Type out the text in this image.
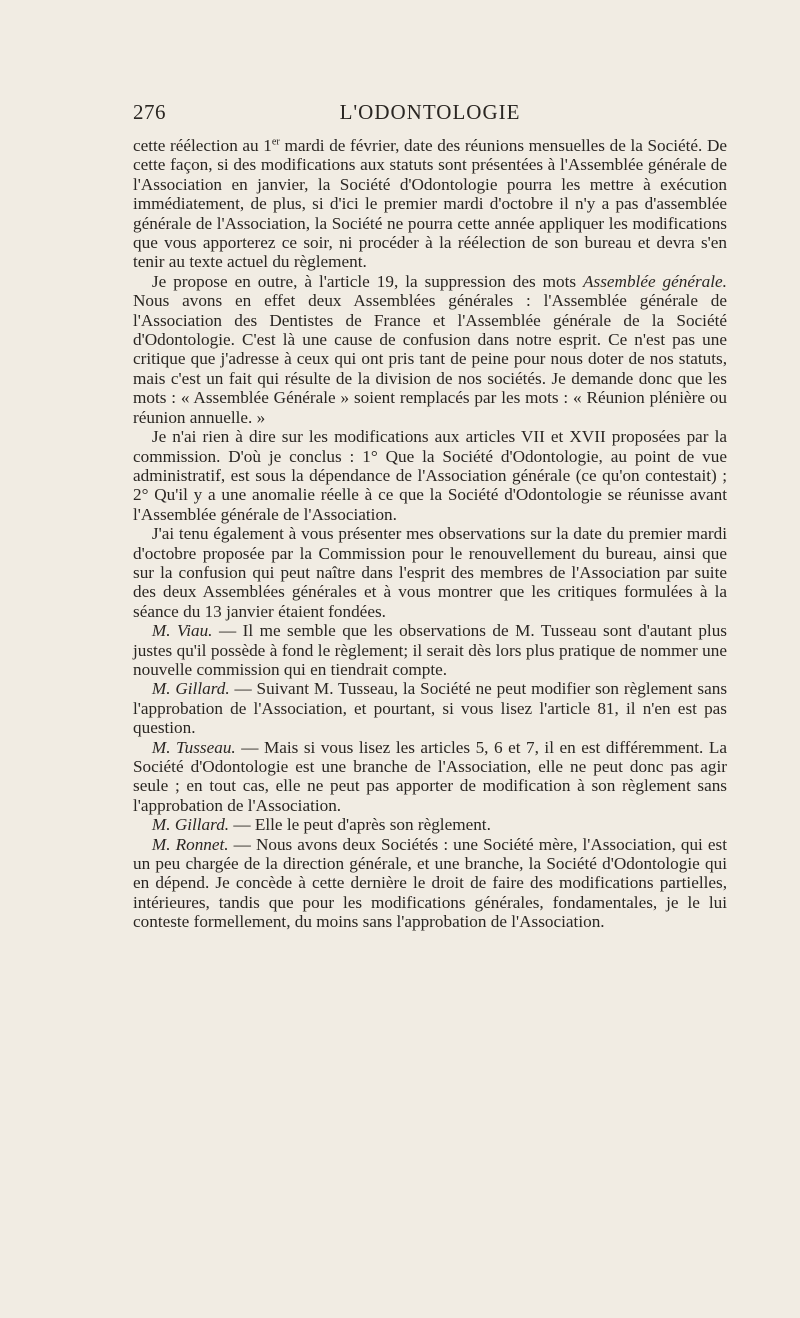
276	L'ODONTOLOGIE

cette réélection au 1er mardi de février, date des réunions mensuelles de la Société. De cette façon, si des modifications aux statuts sont présentées à l'Assemblée générale de l'Association en janvier, la Société d'Odontologie pourra les mettre à exécution immédiatement, de plus, si d'ici le premier mardi d'octobre il n'y a pas d'assemblée générale de l'Association, la Société ne pourra cette année appliquer les modifications que vous apporterez ce soir, ni procéder à la réélection de son bureau et devra s'en tenir au texte actuel du règlement.

Je propose en outre, à l'article 19, la suppression des mots Assemblée générale. Nous avons en effet deux Assemblées générales : l'Assemblée générale de l'Association des Dentistes de France et l'Assemblée générale de la Société d'Odontologie. C'est là une cause de confusion dans notre esprit. Ce n'est pas une critique que j'adresse à ceux qui ont pris tant de peine pour nous doter de nos statuts, mais c'est un fait qui résulte de la division de nos sociétés. Je demande donc que les mots : « Assemblée Générale » soient remplacés par les mots : « Réunion plénière ou réunion annuelle. »

Je n'ai rien à dire sur les modifications aux articles VII et XVII proposées par la commission. D'où je conclus : 1° Que la Société d'Odontologie, au point de vue administratif, est sous la dépendance de l'Association générale (ce qu'on contestait) ; 2° Qu'il y a une anomalie réelle à ce que la Société d'Odontologie se réunisse avant l'Assemblée générale de l'Association.

J'ai tenu également à vous présenter mes observations sur la date du premier mardi d'octobre proposée par la Commission pour le renouvellement du bureau, ainsi que sur la confusion qui peut naître dans l'esprit des membres de l'Association par suite des deux Assemblées générales et à vous montrer que les critiques formulées à la séance du 13 janvier étaient fondées.

M. Viau. — Il me semble que les observations de M. Tusseau sont d'autant plus justes qu'il possède à fond le règlement; il serait dès lors plus pratique de nommer une nouvelle commission qui en tiendrait compte.

M. Gillard. — Suivant M. Tusseau, la Société ne peut modifier son règlement sans l'approbation de l'Association, et pourtant, si vous lisez l'article 81, il n'en est pas question.

M. Tusseau. — Mais si vous lisez les articles 5, 6 et 7, il en est différemment. La Société d'Odontologie est une branche de l'Association, elle ne peut donc pas agir seule ; en tout cas, elle ne peut pas apporter de modification à son règlement sans l'approbation de l'Association.

M. Gillard. — Elle le peut d'après son règlement.

M. Ronnet. — Nous avons deux Sociétés : une Société mère, l'Association, qui est un peu chargée de la direction générale, et une branche, la Société d'Odontologie qui en dépend. Je concède à cette dernière le droit de faire des modifications partielles, intérieures, tandis que pour les modifications générales, fondamentales, je le lui conteste formellement, du moins sans l'approbation de l'Association.
